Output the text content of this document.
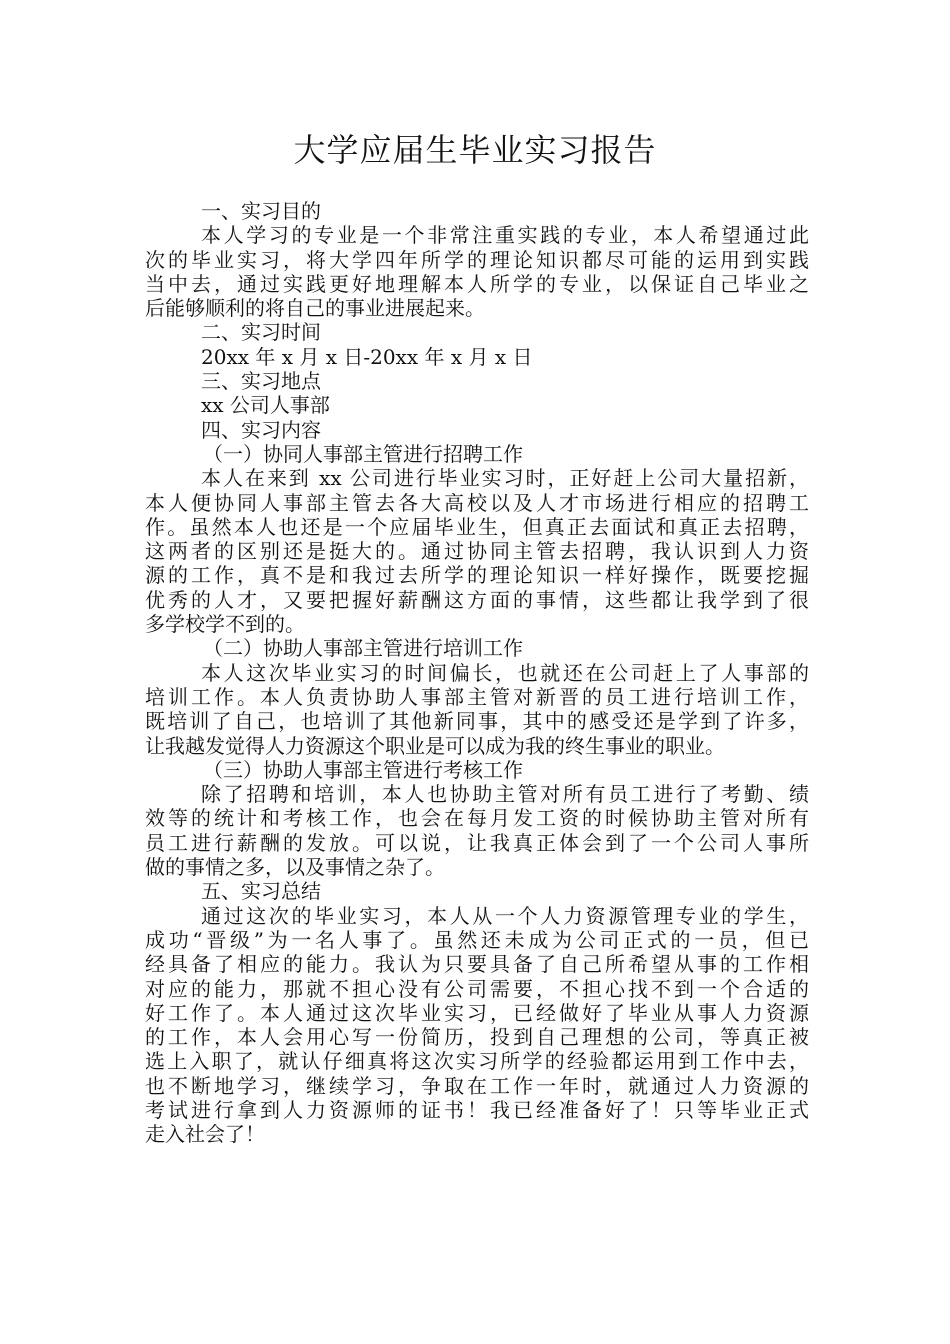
大学应届生毕业实习报告

一、实习目的

本人学习的专业是一个非常注重实践的专业，本人希望通过此

次的毕业实习，将大学四年所学的理论知识都尽可能的运用到实践

当中去，通过实践更好地理解本人所学的专业，以保证自己毕业之

后能够顺利的将自己的事业进展起来。

二、实习时间

20xx 年 x 月 x 日-20xx 年 x 月 x 日

三、实习地点

xx 公司人事部

四、实习内容

（一）协同人事部主管进行招聘工作

本人在来到 xx 公司进行毕业实习时，正好赶上公司大量招新，

本人便协同人事部主管去各大高校以及人才市场进行相应的招聘工

作。虽然本人也还是一个应届毕业生，但真正去面试和真正去招聘，

这两者的区别还是挺大的。通过协同主管去招聘，我认识到人力资

源的工作，真不是和我过去所学的理论知识一样好操作，既要挖掘

优秀的人才，又要把握好薪酬这方面的事情，这些都让我学到了很

多学校学不到的。

（二）协助人事部主管进行培训工作

本人这次毕业实习的时间偏长，也就还在公司赶上了人事部的

培训工作。本人负责协助人事部主管对新晋的员工进行培训工作，

既培训了自己，也培训了其他新同事，其中的感受还是学到了许多，

让我越发觉得人力资源这个职业是可以成为我的终生事业的职业。

（三）协助人事部主管进行考核工作

除了招聘和培训，本人也协助主管对所有员工进行了考勤、绩

效等的统计和考核工作，也会在每月发工资的时候协助主管对所有

员工进行薪酬的发放。可以说，让我真正体会到了一个公司人事所

做的事情之多，以及事情之杂了。

五、实习总结

通过这次的毕业实习，本人从一个人力资源管理专业的学生，

成功“晋级”为一名人事了。虽然还未成为公司正式的一员，但已

经具备了相应的能力。我认为只要具备了自己所希望从事的工作相

对应的能力，那就不担心没有公司需要，不担心找不到一个合适的

好工作了。本人通过这次毕业实习，已经做好了毕业从事人力资源

的工作，本人会用心写一份简历，投到自己理想的公司，等真正被

选上入职了，就认仔细真将这次实习所学的经验都运用到工作中去，

也不断地学习，继续学习，争取在工作一年时，就通过人力资源的

考试进行拿到人力资源师的证书！我已经准备好了！只等毕业正式

走入社会了！
